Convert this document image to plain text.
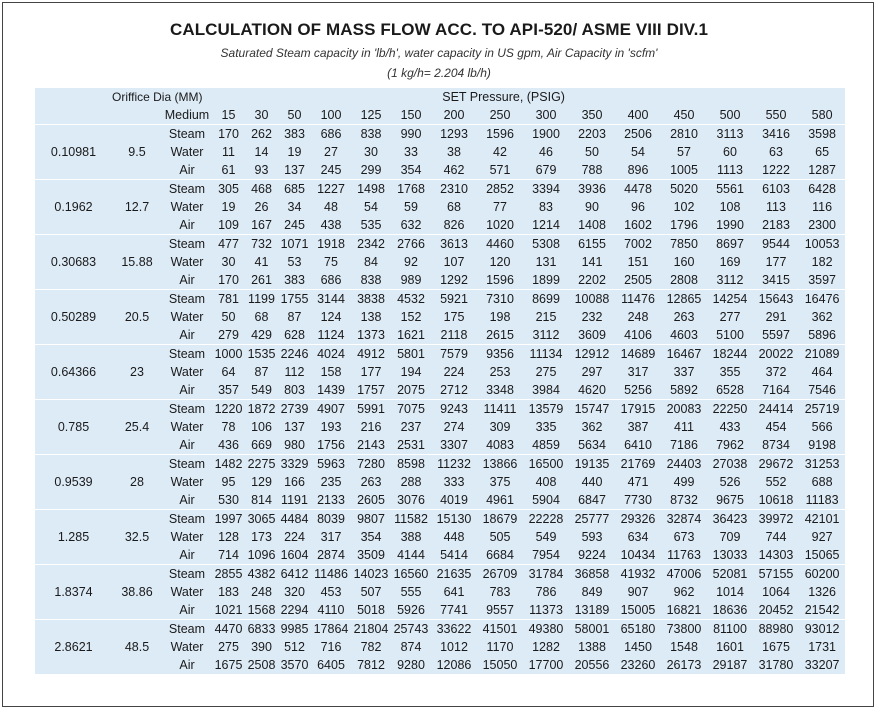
CALCULATION OF MASS FLOW ACC. TO API-520/ ASME VIII DIV.1
Saturated Steam capacity in 'lb/h', water capacity in US gpm, Air Capacity in 'scfm'
(1 kg/h= 2.204 lb/h)
	Oriffice Dia (MM)	SET Pressure, (PSIG)															
		Medium	15	30	50	100	125	150	200	250	300	350	400	450	500	550	580
0.10981	9.5	Steam	170	262	383	686	838	990	1293	1596	1900	2203	2506	2810	3113	3416	3598
		Water	11	14	19	27	30	33	38	42	46	50	54	57	60	63	65
		Air	61	93	137	245	299	354	462	571	679	788	896	1005	1113	1222	1287
0.1962	12.7	Steam	305	468	685	1227	1498	1768	2310	2852	3394	3936	4478	5020	5561	6103	6428
		Water	19	26	34	48	54	59	68	77	83	90	96	102	108	113	116
		Air	109	167	245	438	535	632	826	1020	1214	1408	1602	1796	1990	2183	2300
0.30683	15.88	Steam	477	732	1071	1918	2342	2766	3613	4460	5308	6155	7002	7850	8697	9544	10053
		Water	30	41	53	75	84	92	107	120	131	141	151	160	169	177	182
		Air	170	261	383	686	838	989	1292	1596	1899	2202	2505	2808	3112	3415	3597
0.50289	20.5	Steam	781	1199	1755	3144	3838	4532	5921	7310	8699	10088	11476	12865	14254	15643	16476
		Water	50	68	87	124	138	152	175	198	215	232	248	263	277	291	362
		Air	279	429	628	1124	1373	1621	2118	2615	3112	3609	4106	4603	5100	5597	5896
0.64366	23	Steam	1000	1535	2246	4024	4912	5801	7579	9356	11134	12912	14689	16467	18244	20022	21089
		Water	64	87	112	158	177	194	224	253	275	297	317	337	355	372	464
		Air	357	549	803	1439	1757	2075	2712	3348	3984	4620	5256	5892	6528	7164	7546
0.785	25.4	Steam	1220	1872	2739	4907	5991	7075	9243	11411	13579	15747	17915	20083	22250	24414	25719
		Water	78	106	137	193	216	237	274	309	335	362	387	411	433	454	566
		Air	436	669	980	1756	2143	2531	3307	4083	4859	5634	6410	7186	7962	8734	9198
0.9539	28	Steam	1482	2275	3329	5963	7280	8598	11232	13866	16500	19135	21769	24403	27038	29672	31253
		Water	95	129	166	235	263	288	333	375	408	440	471	499	526	552	688
		Air	530	814	1191	2133	2605	3076	4019	4961	5904	6847	7730	8732	9675	10618	11183
1.285	32.5	Steam	1997	3065	4484	8039	9807	11582	15130	18679	22228	25777	29326	32874	36423	39972	42101
		Water	128	173	224	317	354	388	448	505	549	593	634	673	709	744	927
		Air	714	1096	1604	2874	3509	4144	5414	6684	7954	9224	10434	11763	13033	14303	15065
1.8374	38.86	Steam	2855	4382	6412	11486	14023	16560	21635	26709	31784	36858	41932	47006	52081	57155	60200
		Water	183	248	320	453	507	555	641	783	786	849	907	962	1014	1064	1326
		Air	1021	1568	2294	4110	5018	5926	7741	9557	11373	13189	15005	16821	18636	20452	21542
2.8621	48.5	Steam	4470	6833	9985	17864	21804	25743	33622	41501	49380	58001	65180	73800	81100	88980	93012
		Water	275	390	512	716	782	874	1012	1170	1282	1388	1450	1548	1601	1675	1731
		Air	1675	2508	3570	6405	7812	9280	12086	15050	17700	20556	23260	26173	29187	31780	33207
